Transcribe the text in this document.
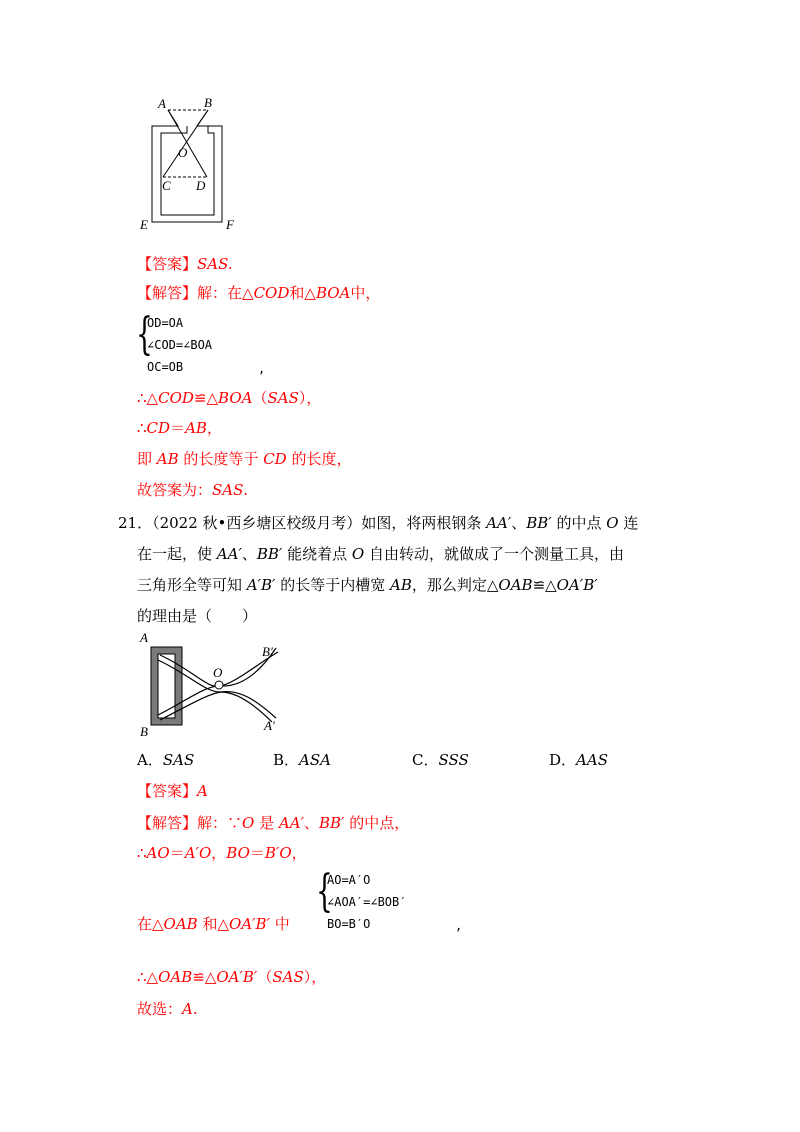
A	B
O
C D
E	F
【答案】SAS.
【解答】解：在△COD和△BOA中，
{
OD=OA
∠COD=∠BOA
OC=OB	,
∴△COD≌△BOA（SAS），
∴CD＝AB，
即 AB 的长度等于 CD 的长度，
故答案为：SAS.
21．（2022 秋•西乡塘区校级月考）如图，将两根钢条 AA′、BB′ 的中点 O 连
在一起，使 AA′、BB′ 能绕着点 O 自由转动，就做成了一个测量工具，由
三角形全等可知 A′B′ 的长等于内槽宽 AB，那么判定△OAB≌△OA′B′
的理由是（　　）
A
B
O
B′
A′
A．SAS	B．ASA	C．SSS	D．AAS
【答案】A
【解答】解：∵O 是 AA′、BB′ 的中点，
∴AO＝A′O，BO＝B′O，
{
AO=A′O
∠AOA′=∠BOB′
BO=B′O
在△OAB 和△OA′B′ 中	,
∴△OAB≌△OA′B′（SAS），
故选：A.
